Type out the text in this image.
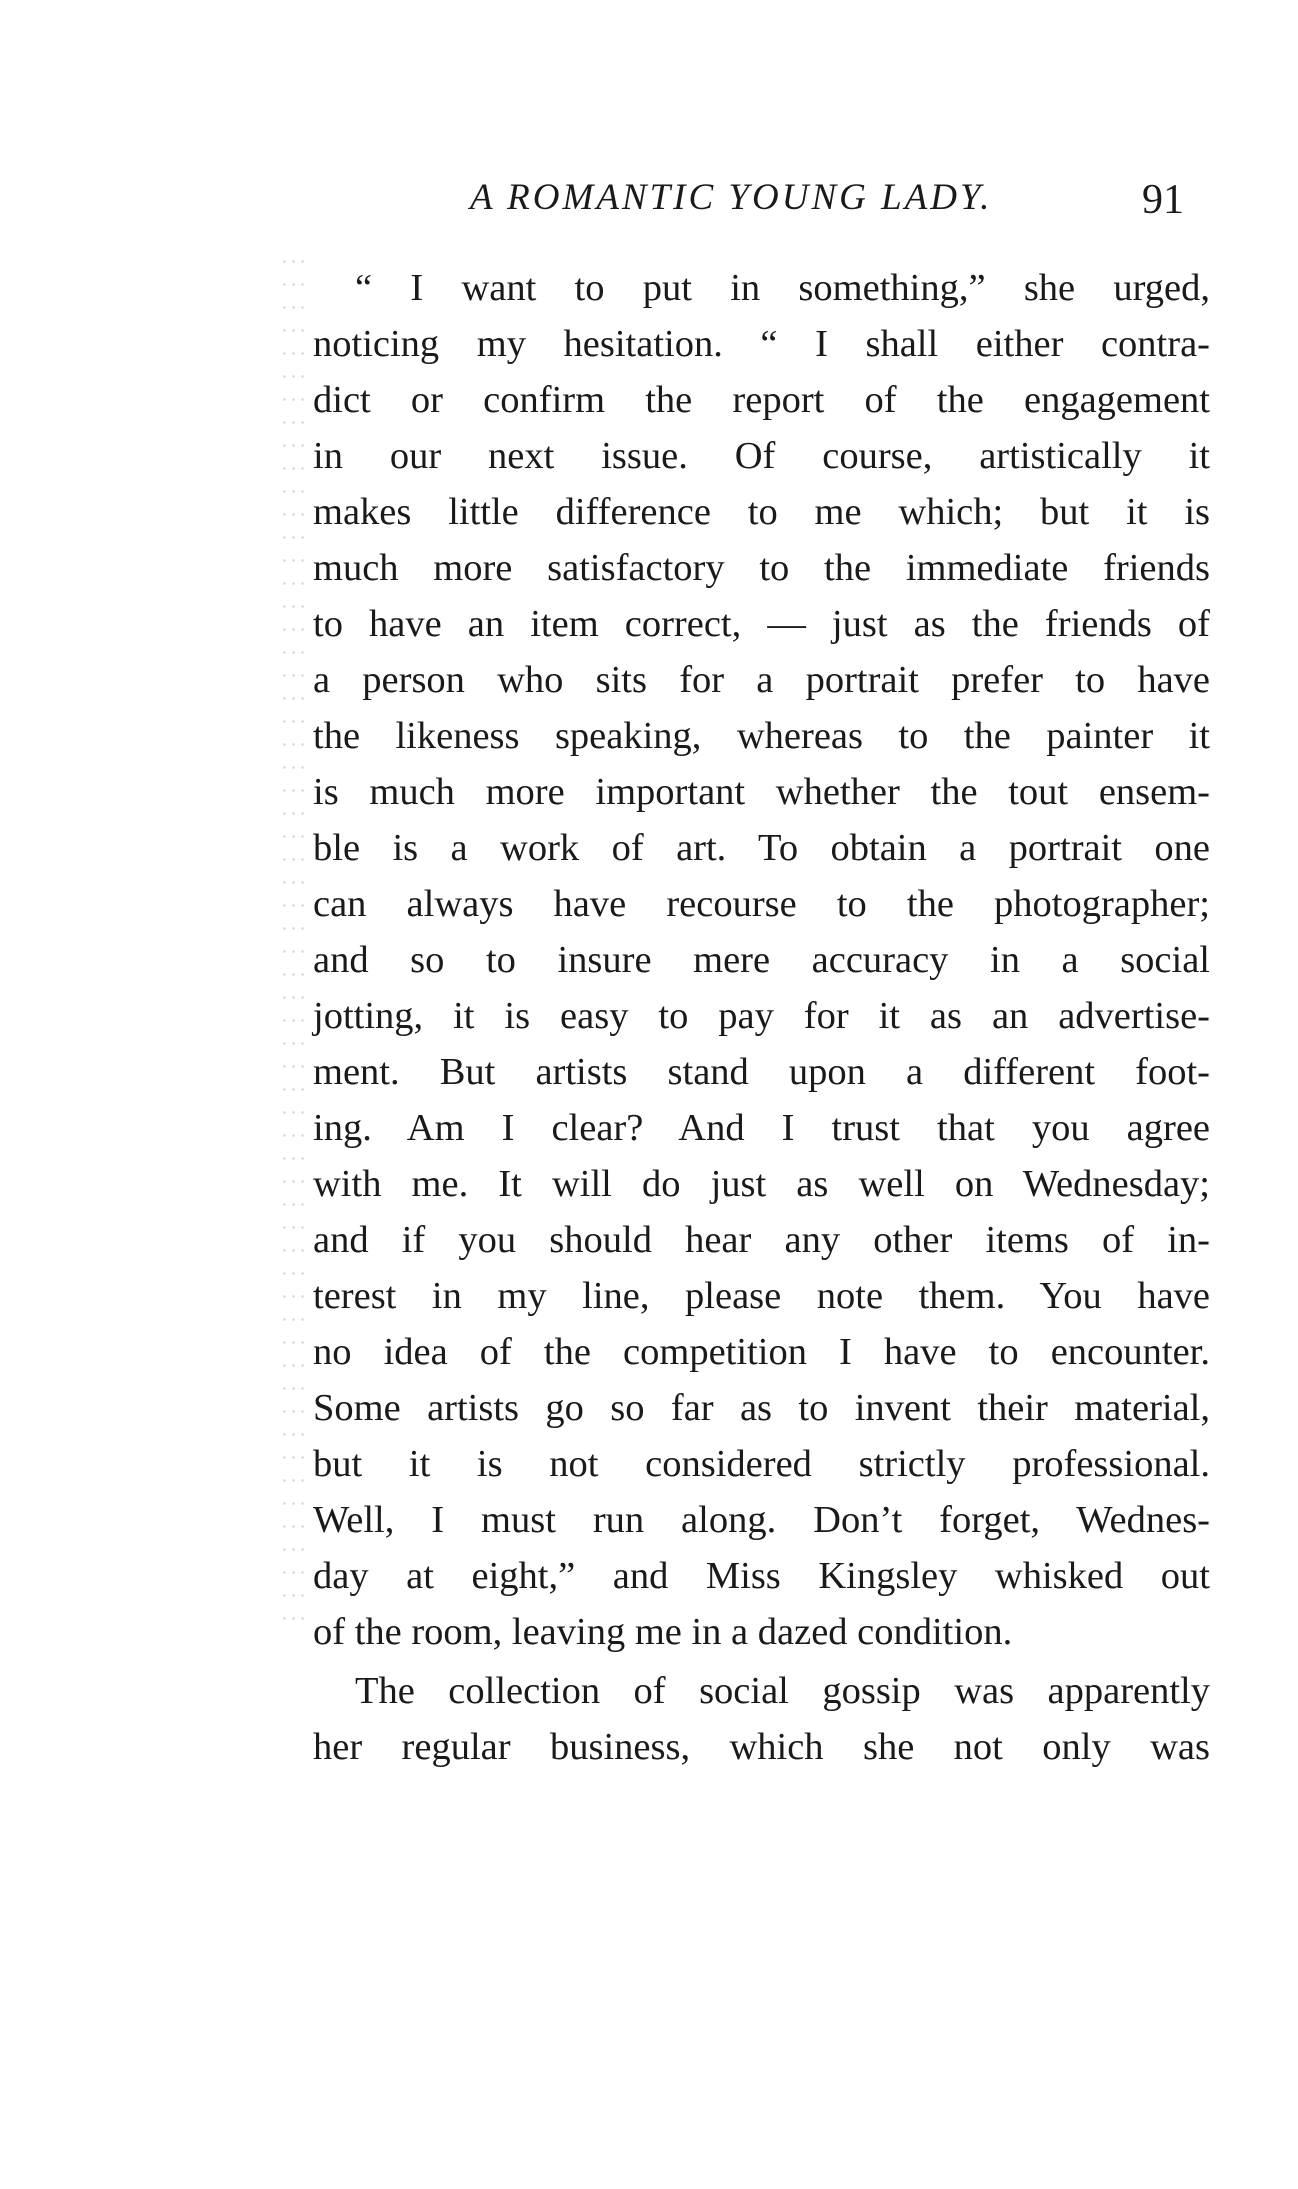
A ROMANTIC YOUNG LADY.	91
“ I want to put in something,” she urged,
noticing my hesitation. “ I shall either contra-
dict or confirm the report of the engagement
in our next issue. Of course, artistically it
makes little difference to me which; but it is
much more satisfactory to the immediate friends
to have an item correct, — just as the friends of
a person who sits for a portrait prefer to have
the likeness speaking, whereas to the painter it
is much more important whether the tout ensem-
ble is a work of art. To obtain a portrait one
can always have recourse to the photographer;
and so to insure mere accuracy in a social
jotting, it is easy to pay for it as an advertise-
ment. But artists stand upon a different foot-
ing. Am I clear? And I trust that you agree
with me. It will do just as well on Wednesday;
and if you should hear any other items of in-
terest in my line, please note them. You have
no idea of the competition I have to encounter.
Some artists go so far as to invent their material,
but it is not considered strictly professional.
Well, I must run along. Don’t forget, Wednes-
day at eight,” and Miss Kingsley whisked out
of the room, leaving me in a dazed condition.
The collection of social gossip was apparently
her regular business, which she not only was
